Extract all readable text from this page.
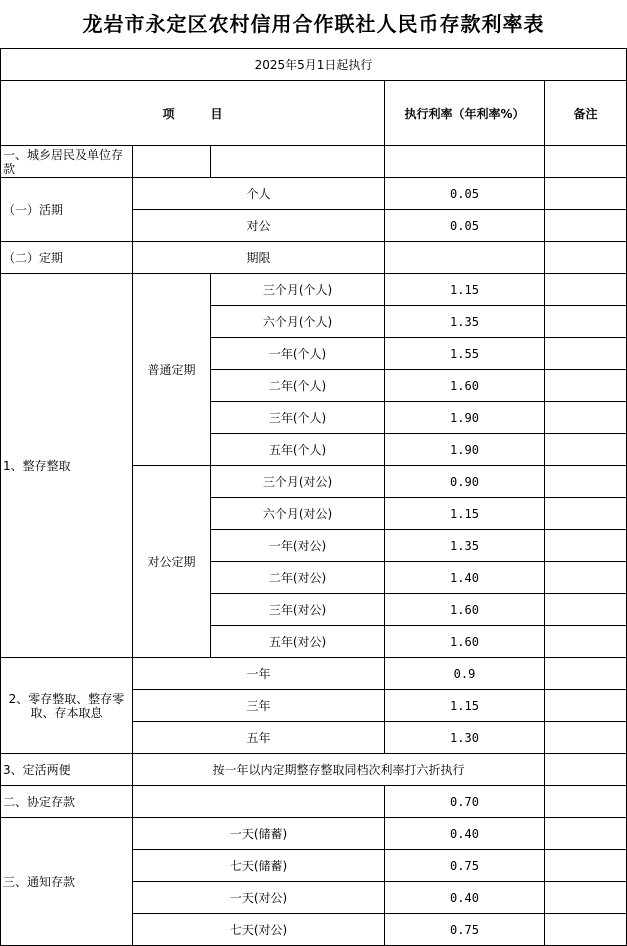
龙岩市永定区农村信用合作联社人民币存款利率表
2025年5月1日起执行				
项　　　目			执行利率（年利率%）	备注
一、城乡居民及单位存款				
（一）活期	个人		0.05	
	对公		0.05	
（二）定期	期限			
1、整存整取	普通定期	三个月(个人)	1.15	
		六个月(个人)	1.35	
		一年(个人)	1.55	
		二年(个人)	1.60	
		三年(个人)	1.90	
		五年(个人)	1.90	
	对公定期	三个月(对公)	0.90	
		六个月(对公)	1.15	
		一年(对公)	1.35	
		二年(对公)	1.40	
		三年(对公)	1.60	
		五年(对公)	1.60	
2、零存整取、整存零取、存本取息	一年		0.9	
	三年		1.15	
	五年		1.30	
3、定活两便	按一年以内定期整存整取同档次利率打六折执行			
二、协定存款			0.70	
三、通知存款	一天(储蓄)		0.40	
	七天(储蓄)		0.75	
	一天(对公)		0.40	
	七天(对公)		0.75	
